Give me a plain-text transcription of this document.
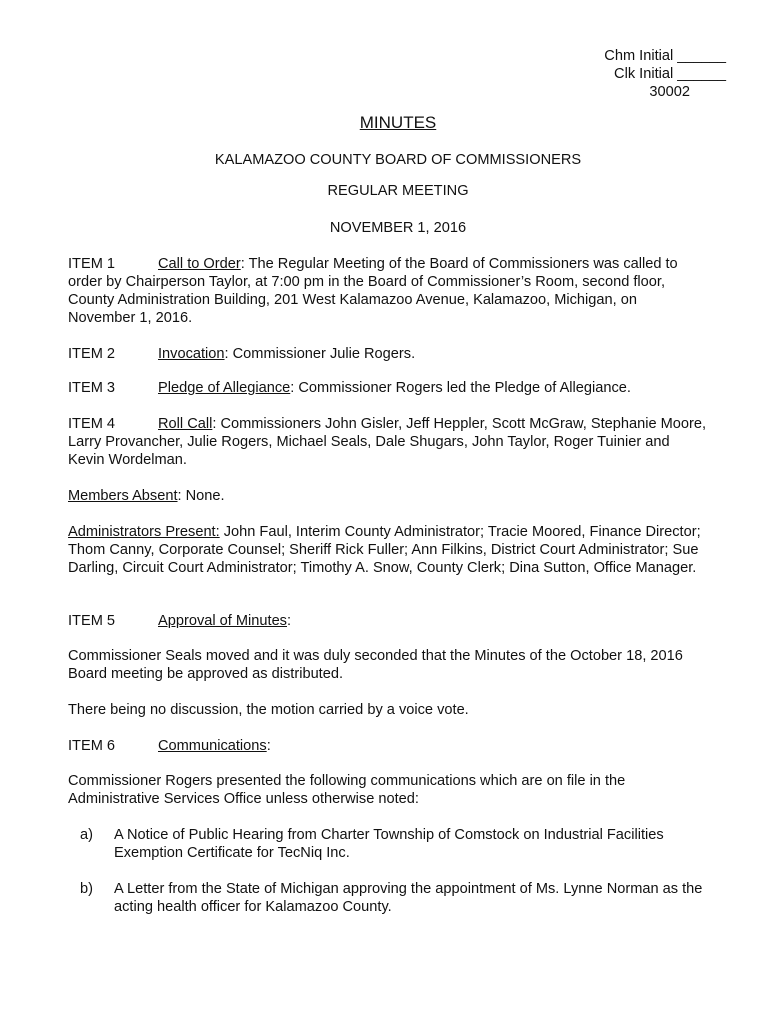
Chm Initial ______
Clk Initial ______
30002
MINUTES
KALAMAZOO COUNTY BOARD OF COMMISSIONERS
REGULAR MEETING
NOVEMBER 1, 2016
ITEM 1	Call to Order: The Regular Meeting of the Board of Commissioners was called to order by Chairperson Taylor, at 7:00 pm in the Board of Commissioner’s Room, second floor, County Administration Building, 201 West Kalamazoo Avenue, Kalamazoo, Michigan, on November 1, 2016.
ITEM 2	Invocation: Commissioner Julie Rogers.
ITEM 3	Pledge of Allegiance: Commissioner Rogers led the Pledge of Allegiance.
ITEM 4	Roll Call: Commissioners John Gisler, Jeff Heppler, Scott McGraw, Stephanie Moore, Larry Provancher, Julie Rogers, Michael Seals, Dale Shugars, John Taylor, Roger Tuinier and Kevin Wordelman.
Members Absent: None.
Administrators Present: John Faul, Interim County Administrator; Tracie Moored, Finance Director; Thom Canny, Corporate Counsel; Sheriff Rick Fuller; Ann Filkins, District Court Administrator; Sue Darling, Circuit Court Administrator; Timothy A. Snow, County Clerk; Dina Sutton, Office Manager.
ITEM 5	Approval of Minutes:
Commissioner Seals moved and it was duly seconded that the Minutes of the October 18, 2016 Board meeting be approved as distributed.
There being no discussion, the motion carried by a voice vote.
ITEM 6	Communications:
Commissioner Rogers presented the following communications which are on file in the Administrative Services Office unless otherwise noted:
a) A Notice of Public Hearing from Charter Township of Comstock on Industrial Facilities Exemption Certificate for TecNiq Inc.
b) A Letter from the State of Michigan approving the appointment of Ms. Lynne Norman as the acting health officer for Kalamazoo County.
